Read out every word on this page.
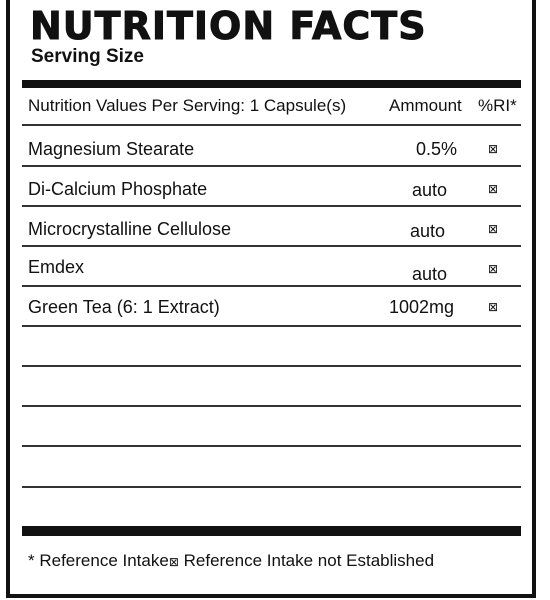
NUTRITION FACTS
Serving Size
Nutrition Values Per Serving: 1 Capsule(s)	Ammount %RI*
Magnesium Stearate	0.5%	⊠
Di-Calcium Phosphate	auto	⊠
Microcrystalline Cellulose	auto	⊠
Emdex	auto	⊠
Green Tea (6: 1 Extract)	1002mg	⊠
* Reference Intake⊠ Reference Intake not Established
